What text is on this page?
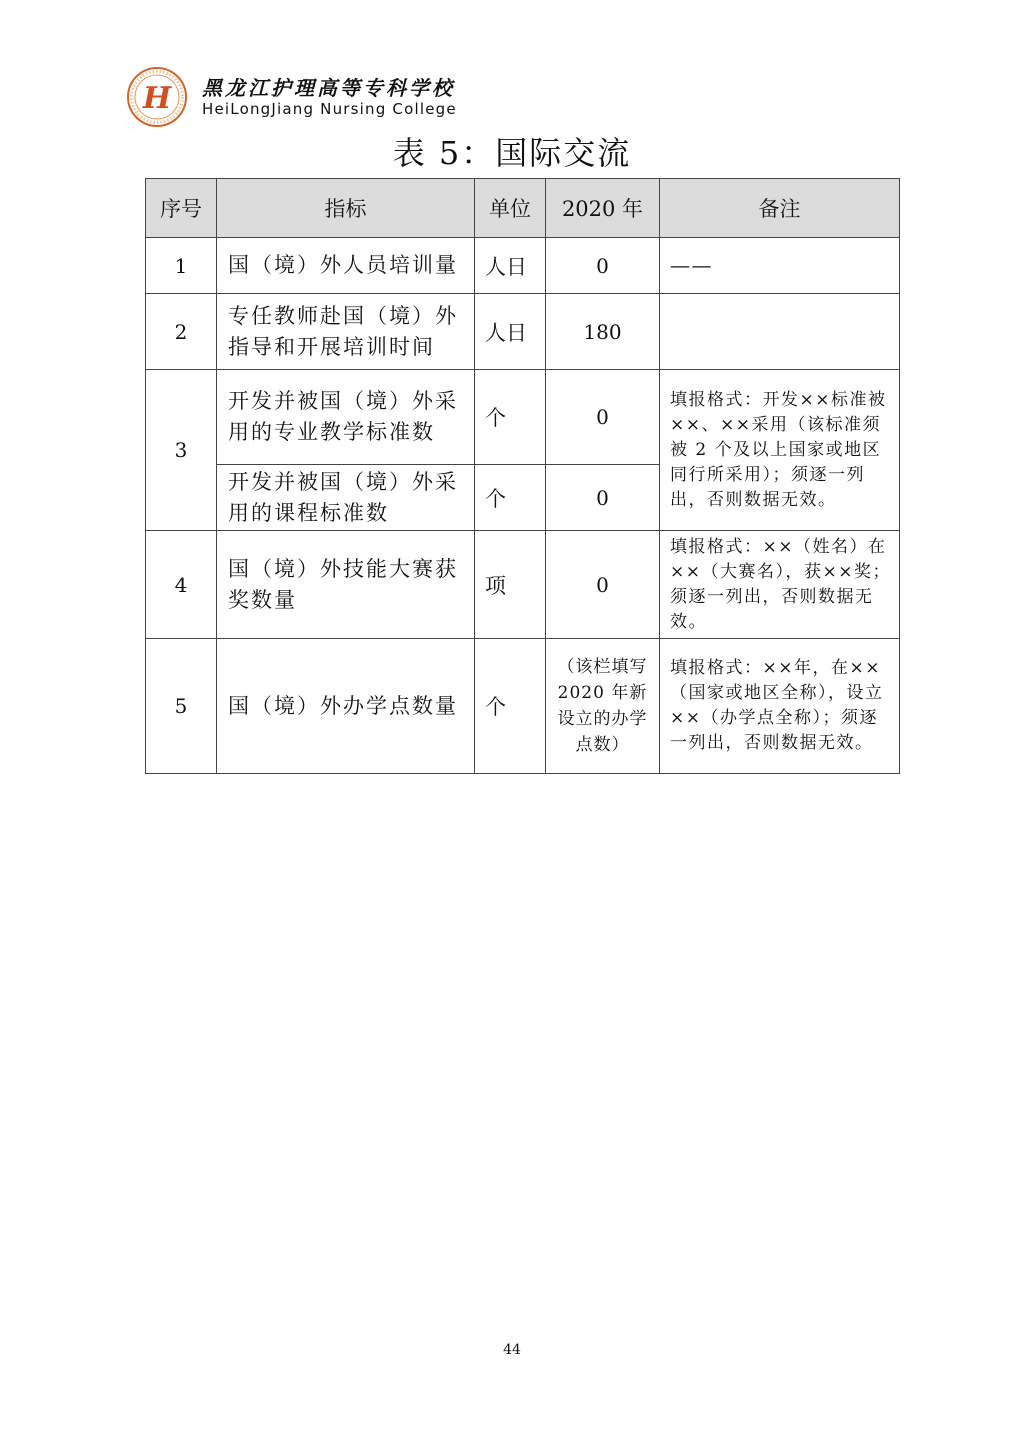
H 黑龙江护理高等专科学校
HeiLongJiang Nursing College
表 5：国际交流
序号	指标	单位	2020 年	备注
1	国（境）外人员培训量	人日	0	——
2	专任教师赴国（境）外指导和开展培训时间	人日	180	
3	开发并被国（境）外采用的专业教学标准数	个	0	填报格式：开发××标准被××、××采用（该标准须被 2 个及以上国家或地区同行所采用）；须逐一列出，否则数据无效。
	开发并被国（境）外采用的课程标准数	个	0	
4	国（境）外技能大赛获奖数量	项	0	填报格式：××（姓名）在××（大赛名），获××奖；须逐一列出，否则数据无效。
5	国（境）外办学点数量	个	（该栏填写 2020 年新设立的办学点数）	填报格式：××年，在××（国家或地区全称），设立××（办学点全称）；须逐一列出，否则数据无效。
44
